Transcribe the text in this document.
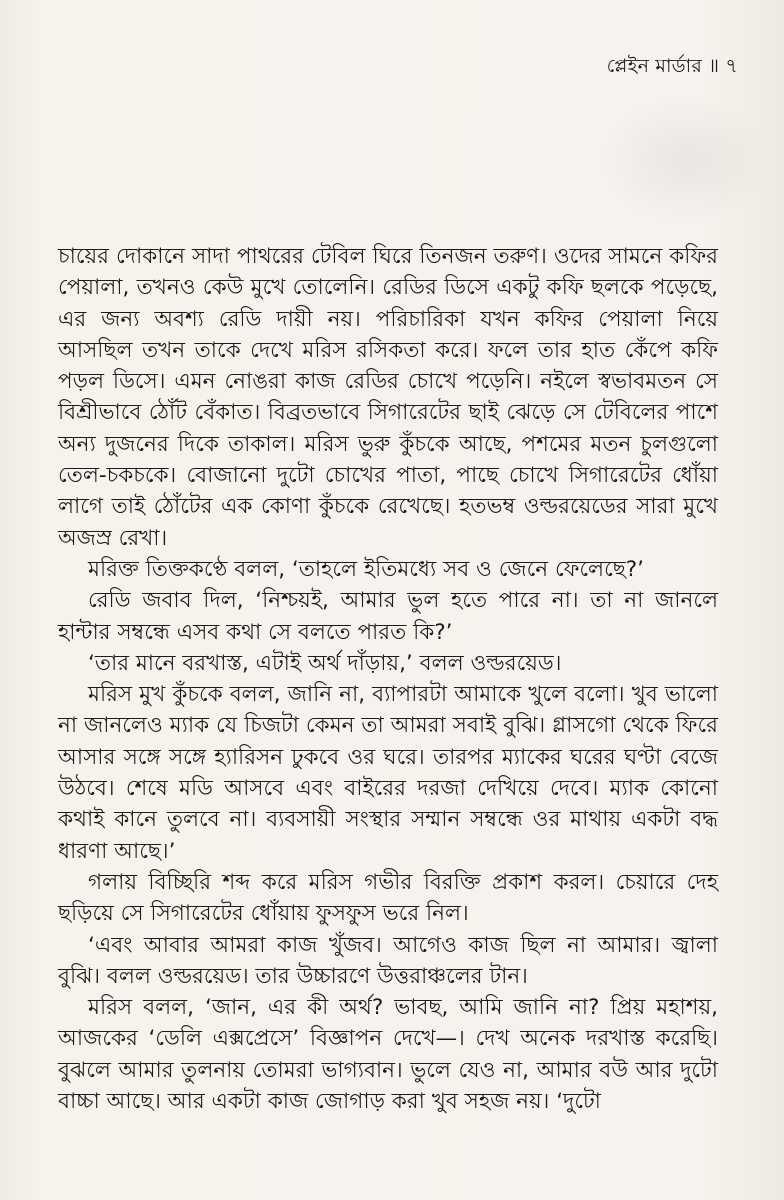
প্লেইন মার্ডার ॥ ৭

চায়ের দোকানে সাদা পাথরের টেবিল ঘিরে তিনজন তরুণ। ওদের সামনে কফির পেয়ালা, তখনও কেউ মুখে তোলেনি। রেডির ডিসে একটু কফি ছলকে পড়েছে, এর জন্য অবশ্য রেডি দায়ী নয়। পরিচারিকা যখন কফির পেয়ালা নিয়ে আসছিল তখন তাকে দেখে মরিস রসিকতা করে। ফলে তার হাত কেঁপে কফি পড়ল ডিসে। এমন নোঙরা কাজ রেডির চোখে পড়েনি। নইলে স্বভাবমতন সে বিশ্রীভাবে ঠোঁট বেঁকাত। বিব্রতভাবে সিগারেটের ছাই ঝেড়ে সে টেবিলের পাশে অন্য দুজনের দিকে তাকাল। মরিস ভুরু কুঁচকে আছে, পশমের মতন চুলগুলো তেল-চকচকে। বোজানো দুটো চোখের পাতা, পাছে চোখে সিগারেটের ধোঁয়া লাগে তাই ঠোঁটের এক কোণা কুঁচকে রেখেছে। হতভম্ব ওল্ডরয়েডের সারা মুখে অজস্র রেখা।

মরিক্ত তিক্তকণ্ঠে বলল, ‘তাহলে ইতিমধ্যে সব ও জেনে ফেলেছে?’

রেডি জবাব দিল, ‘নিশ্চয়ই, আমার ভুল হতে পারে না। তা না জানলে হান্টার সম্বন্ধে এসব কথা সে বলতে পারত কি?’

‘তার মানে বরখাস্ত, এটাই অর্থ দাঁড়ায়,’ বলল ওল্ডরয়েড।

মরিস মুখ কুঁচকে বলল, জানি না, ব্যাপারটা আমাকে খুলে বলো। খুব ভালো না জানলেও ম্যাক যে চিজটা কেমন তা আমরা সবাই বুঝি। গ্লাসগো থেকে ফিরে আসার সঙ্গে সঙ্গে হ্যারিসন ঢুকবে ওর ঘরে। তারপর ম্যাকের ঘরের ঘণ্টা বেজে উঠবে। শেষে মডি আসবে এবং বাইরের দরজা দেখিয়ে দেবে। ম্যাক কোনো কথাই কানে তুলবে না। ব্যবসায়ী সংস্থার সম্মান সম্বন্ধে ওর মাথায় একটা বদ্ধ ধারণা আছে।’

গলায় বিচ্ছিরি শব্দ করে মরিস গভীর বিরক্তি প্রকাশ করল। চেয়ারে দেহ ছড়িয়ে সে সিগারেটের ধোঁয়ায় ফুসফুস ভরে নিল।

‘এবং আবার আমরা কাজ খুঁজব। আগেও কাজ ছিল না আমার। জ্বালা বুঝি। বলল ওল্ডরয়েড। তার উচ্চারণে উত্তরাঞ্চলের টান।

মরিস বলল, ‘জান, এর কী অর্থ? ভাবছ, আমি জানি না? প্রিয় মহাশয়, আজকের ‘ডেলি এক্সপ্রেসে’ বিজ্ঞাপন দেখে—। দেখ অনেক দরখাস্ত করেছি। বুঝলে আমার তুলনায় তোমরা ভাগ্যবান। ভুলে যেও না, আমার বউ আর দুটো বাচ্চা আছে। আর একটা কাজ জোগাড় করা খুব সহজ নয়। ‘দুটো
